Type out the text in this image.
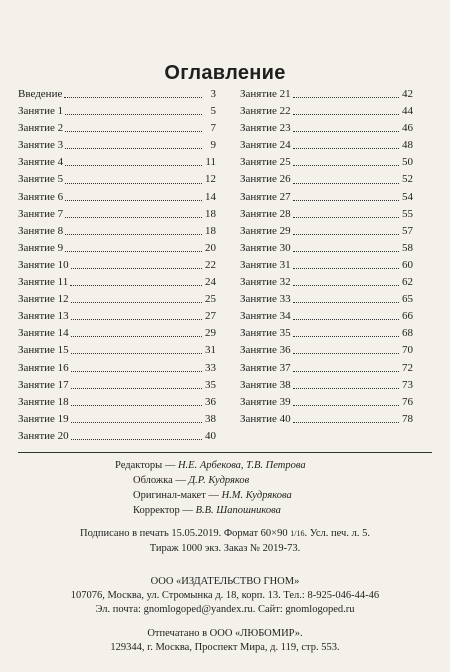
Оглавление
Введение	3
Занятие 1	5
Занятие 2	7
Занятие 3	9
Занятие 4	11
Занятие 5	12
Занятие 6	14
Занятие 7	18
Занятие 8	18
Занятие 9	20
Занятие 10	22
Занятие 11	24
Занятие 12	25
Занятие 13	27
Занятие 14	29
Занятие 15	31
Занятие 16	33
Занятие 17	35
Занятие 18	36
Занятие 19	38
Занятие 20	40
Занятие 21	42
Занятие 22	44
Занятие 23	46
Занятие 24	48
Занятие 25	50
Занятие 26	52
Занятие 27	54
Занятие 28	55
Занятие 29	57
Занятие 30	58
Занятие 31	60
Занятие 32	62
Занятие 33	65
Занятие 34	66
Занятие 35	68
Занятие 36	70
Занятие 37	72
Занятие 38	73
Занятие 39	76
Занятие 40	78
Редакторы — Н.Е. Арбекова, Т.В. Петрова
Обложка — Д.Р. Кудряков
Оригинал-макет — Н.М. Кудрякова
Корректор — В.В. Шапошникова
Подписано в печать 15.05.2019. Формат 60×90 1/16. Усл. печ. л. 5.
Тираж 1000 экз. Заказ № 2019-73.
ООО «ИЗДАТЕЛЬСТВО ГНОМ»
107076, Москва, ул. Стромынка д. 18, корп. 13. Тел.: 8-925-046-44-46
Эл. почта: gnomlogoped@yandex.ru. Сайт: gnomlogoped.ru
Отпечатано в ООО «ЛЮБОМИР».
129344, г. Москва, Проспект Мира, д. 119, стр. 553.
